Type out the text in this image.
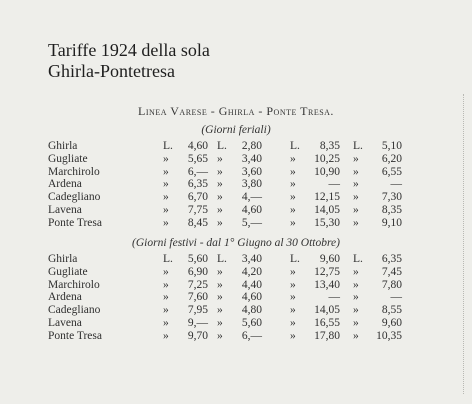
Tariffe 1924 della sola
Ghirla-Pontetresa
Linea Varese - Ghirla - Ponte Tresa.
(Giorni feriali)
(Giorni festivi - dal 1° Giugno al 30 Ottobre)
Ghirla	L.	4,60 L.	2,80 L.	8,35 L.	5,10
Gugliate	»	5,65 »	3,40 »	10,25 »	6,20
Marchirolo	»	6,— »	3,60 »	10,90 »	6,55
Ardena	»	6,35 »	3,80 »	— »	—
Cadegliano	»	6,70 »	4,— »	12,15 »	7,30
Lavena	»	7,75 »	4,60 »	14,05 »	8,35
Ponte Tresa	»	8,45 »	5,— »	15,30 »	9,10
Ghirla	L.	5,60 L.	3,40 L.	9,60 L.	6,35
Gugliate	»	6,90 »	4,20 »	12,75 »	7,45
Marchirolo	»	7,25 »	4,40 »	13,40 »	7,80
Ardena	»	7,60 »	4,60 »	— »	—
Cadegliano	»	7,95 »	4,80 »	14,05 »	8,55
Lavena	»	9,— »	5,60 »	16,55 »	9,60
Ponte Tresa	»	9,70 »	6,— »	17,80 »	10,35
